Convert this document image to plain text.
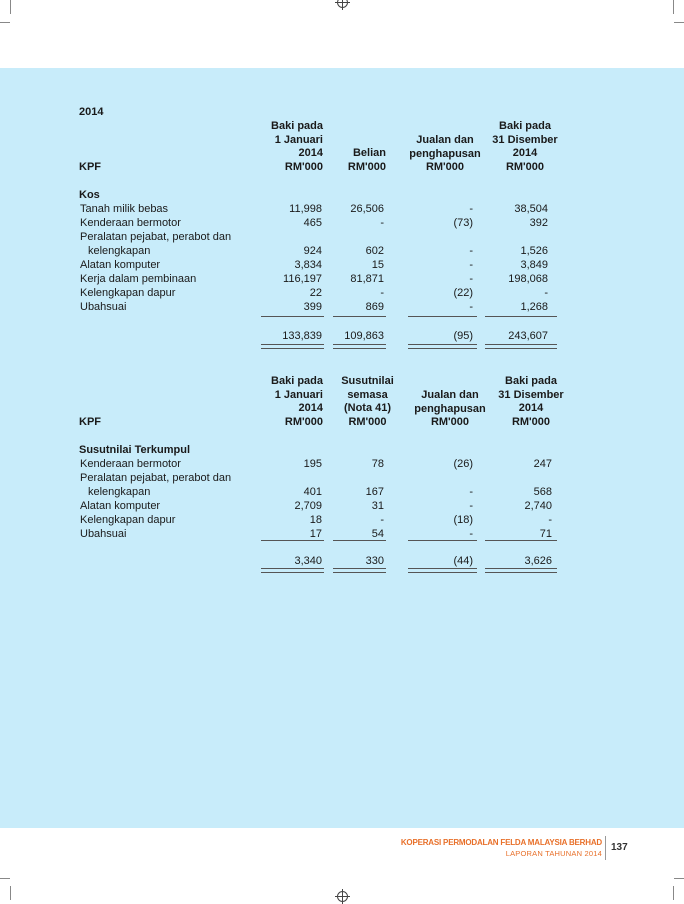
2014
Baki pada
1 Januari
2014
RM'000
Belian
RM'000
Jualan dan
penghapusan
RM'000
Baki pada
31 Disember
2014
RM'000
KPF
Kos
Tanah milik bebas	11,998	26,506	-	38,504
Kenderaan bermotor	465	-	(73)	392
Peralatan pejabat, perabot dan
kelengkapan	924	602	-	1,526
Alatan komputer	3,834	15	-	3,849
Kerja dalam pembinaan	116,197	81,871	-	198,068
Kelengkapan dapur	22	-	(22)	-
Ubahsuai	399	869	-	1,268
133,839	109,863	(95)	243,607
Baki pada
1 Januari
2014
RM'000
Susutnilai
semasa
(Nota 41)
RM'000
Jualan dan
penghapusan
RM'000
Baki pada
31 Disember
2014
RM'000
KPF
Susutnilai Terkumpul
Kenderaan bermotor	195	78	(26)	247
Peralatan pejabat, perabot dan
kelengkapan	401	167	-	568
Alatan komputer	2,709	31	-	2,740
Kelengkapan dapur	18	-	(18)	-
Ubahsuai	17	54	-	71
3,340	330	(44)	3,626
KOPERASI PERMODALAN FELDA MALAYSIA BERHAD
LAPORAN TAHUNAN 2014
137
